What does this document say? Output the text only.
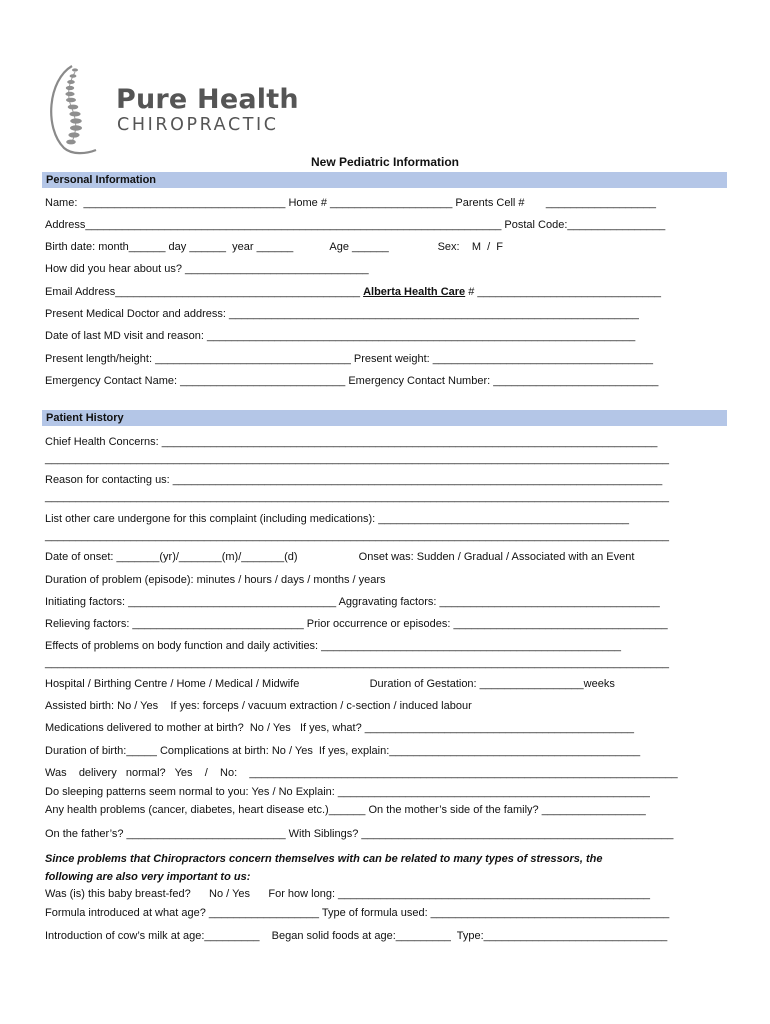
Pure Health
CHIROPRACTIC
New Pediatric Information
Personal Information
Name:  _________________________________ Home # ____________________ Parents Cell #       __________________
Address____________________________________________________________________ Postal Code:________________
Birth date: month______ day ______  year ______            Age ______                Sex:    M  /  F
How did you hear about us? ______________________________
Email Address________________________________________ Alberta Health Care # ______________________________
Present Medical Doctor and address: ___________________________________________________________________
Date of last MD visit and reason: ______________________________________________________________________
Present length/height: ________________________________ Present weight: ____________________________________
Emergency Contact Name: ___________________________ Emergency Contact Number: ___________________________
Patient History
Chief Health Concerns: _________________________________________________________________________________
______________________________________________________________________________________________________
Reason for contacting us: ________________________________________________________________________________
______________________________________________________________________________________________________
List other care undergone for this complaint (including medications): _________________________________________
______________________________________________________________________________________________________
Date of onset: _______(yr)/_______(m)/_______(d)                    Onset was: Sudden / Gradual / Associated with an Event
Duration of problem (episode): minutes / hours / days / months / years
Initiating factors: __________________________________ Aggravating factors: ____________________________________
Relieving factors: ____________________________ Prior occurrence or episodes: ___________________________________
Effects of problems on body function and daily activities: _________________________________________________
______________________________________________________________________________________________________
Hospital / Birthing Centre / Home / Medical / Midwife                       Duration of Gestation: _________________weeks
Assisted birth: No / Yes    If yes: forceps / vacuum extraction / c-section / induced labour
Medications delivered to mother at birth?  No / Yes   If yes, what? ____________________________________________
Duration of birth:_____ Complications at birth: No / Yes  If yes, explain:_________________________________________
Was    delivery   normal?   Yes    /    No:    ______________________________________________________________________
Do sleeping patterns seem normal to you: Yes / No Explain: ___________________________________________________
Any health problems (cancer, diabetes, heart disease etc.)______ On the mother’s side of the family? _________________
On the father’s? __________________________ With Siblings? ___________________________________________________
Since problems that Chiropractors concern themselves with can be related to many types of stressors, the
following are also very important to us:
Was (is) this baby breast-fed?      No / Yes      For how long: ___________________________________________________
Formula introduced at what age? __________________ Type of formula used: _______________________________________
Introduction of cow’s milk at age:_________    Began solid foods at age:_________  Type:______________________________
